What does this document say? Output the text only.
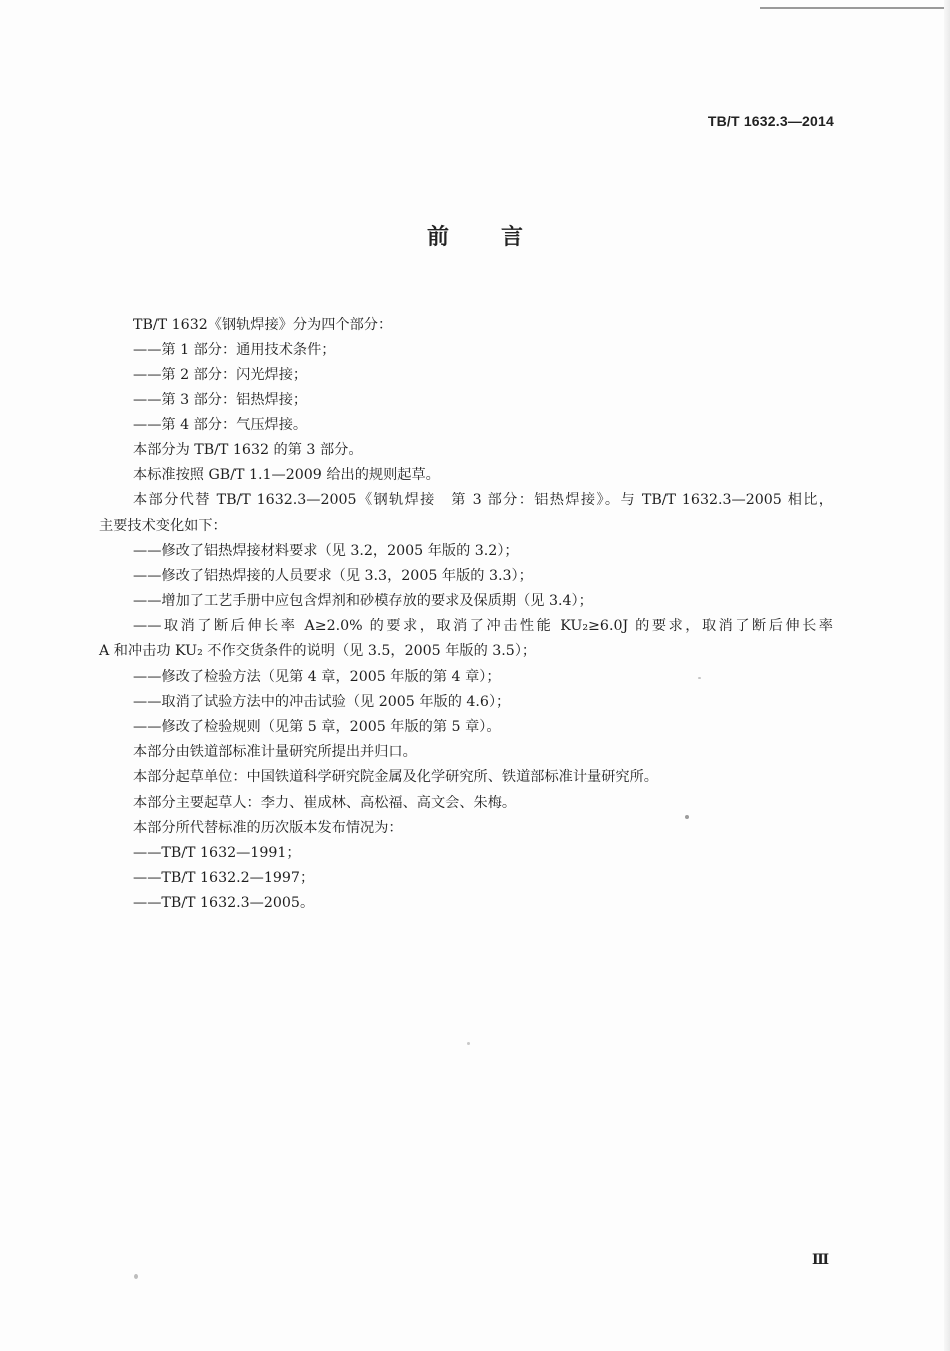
TB/T 1632.3—2014
前 言
TB/T 1632《钢轨焊接》分为四个部分：
——第 1 部分：通用技术条件；
——第 2 部分：闪光焊接；
——第 3 部分：铝热焊接；
——第 4 部分：气压焊接。
本部分为 TB/T 1632 的第 3 部分。
本标准按照 GB/T 1.1—2009 给出的规则起草。
本部分代替 TB/T 1632.3—2005《钢轨焊接　第 3 部分：铝热焊接》。与 TB/T 1632.3—2005 相比，
主要技术变化如下：
——修改了铝热焊接材料要求（见 3.2，2005 年版的 3.2）；
——修改了铝热焊接的人员要求（见 3.3，2005 年版的 3.3）；
——增加了工艺手册中应包含焊剂和砂模存放的要求及保质期（见 3.4）；
——取消了断后伸长率 A≥2.0% 的要求，取消了冲击性能 KU₂≥6.0J 的要求，取消了断后伸长率
A 和冲击功 KU₂ 不作交货条件的说明（见 3.5，2005 年版的 3.5）；
——修改了检验方法（见第 4 章，2005 年版的第 4 章）；
——取消了试验方法中的冲击试验（见 2005 年版的 4.6）；
——修改了检验规则（见第 5 章，2005 年版的第 5 章）。
本部分由铁道部标准计量研究所提出并归口。
本部分起草单位：中国铁道科学研究院金属及化学研究所、铁道部标准计量研究所。
本部分主要起草人：李力、崔成林、高松福、高文会、朱梅。
本部分所代替标准的历次版本发布情况为：
——TB/T 1632—1991；
——TB/T 1632.2—1997；
——TB/T 1632.3—2005。
Ⅲ
